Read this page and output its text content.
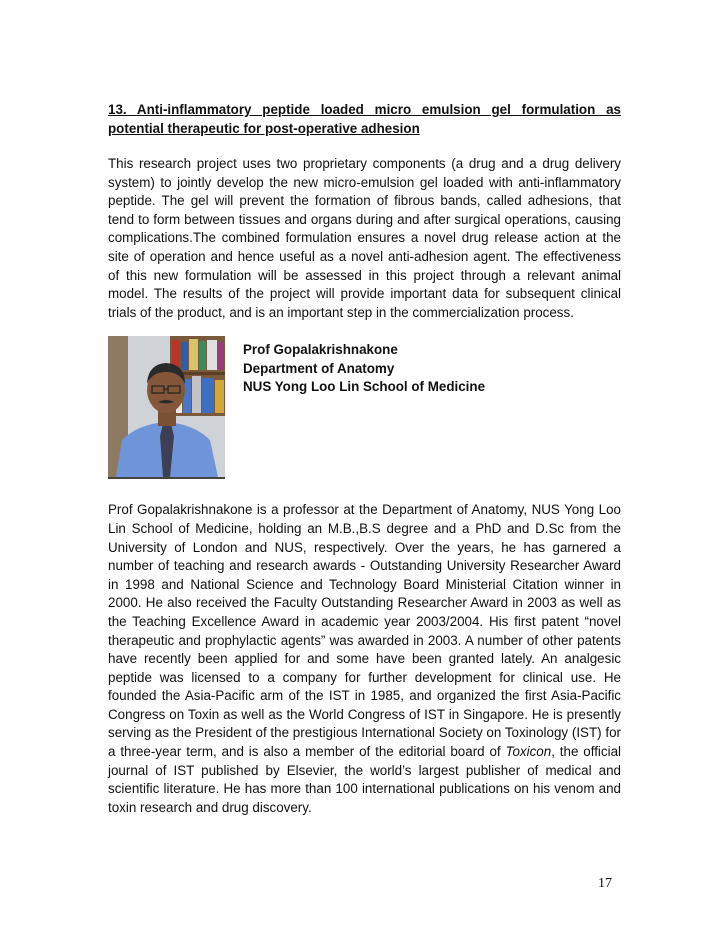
13. Anti-inflammatory peptide loaded micro emulsion gel formulation as potential therapeutic for post-operative adhesion

This research project uses two proprietary components (a drug and a drug delivery system) to jointly develop the new micro-emulsion gel loaded with anti-inflammatory peptide. The gel will prevent the formation of fibrous bands, called adhesions, that tend to form between tissues and organs during and after surgical operations, causing complications.The combined formulation ensures a novel drug release action at the site of operation and hence useful as a novel anti-adhesion agent. The effectiveness of this new formulation will be assessed in this project through a relevant animal model. The results of the project will provide important data for subsequent clinical trials of the product, and is an important step in the commercialization process.

Prof Gopalakrishnakone
Department of Anatomy
NUS Yong Loo Lin School of Medicine

Prof Gopalakrishnakone is a professor at the Department of Anatomy, NUS Yong Loo Lin School of Medicine, holding an M.B.,B.S degree and a PhD and D.Sc from the University of London and NUS, respectively. Over the years, he has garnered a number of teaching and research awards - Outstanding University Researcher Award in 1998 and National Science and Technology Board Ministerial Citation winner in 2000. He also received the Faculty Outstanding Researcher Award in 2003 as well as the Teaching Excellence Award in academic year 2003/2004. His first patent “novel therapeutic and prophylactic agents” was awarded in 2003. A number of other patents have recently been applied for and some have been granted lately. An analgesic peptide was licensed to a company for further development for clinical use. He founded the Asia-Pacific arm of the IST in 1985, and organized the first Asia-Pacific Congress on Toxin as well as the World Congress of IST in Singapore. He is presently serving as the President of the prestigious International Society on Toxinology (IST) for a three-year term, and is also a member of the editorial board of Toxicon, the official journal of IST published by Elsevier, the world’s largest publisher of medical and scientific literature. He has more than 100 international publications on his venom and toxin research and drug discovery.

17
